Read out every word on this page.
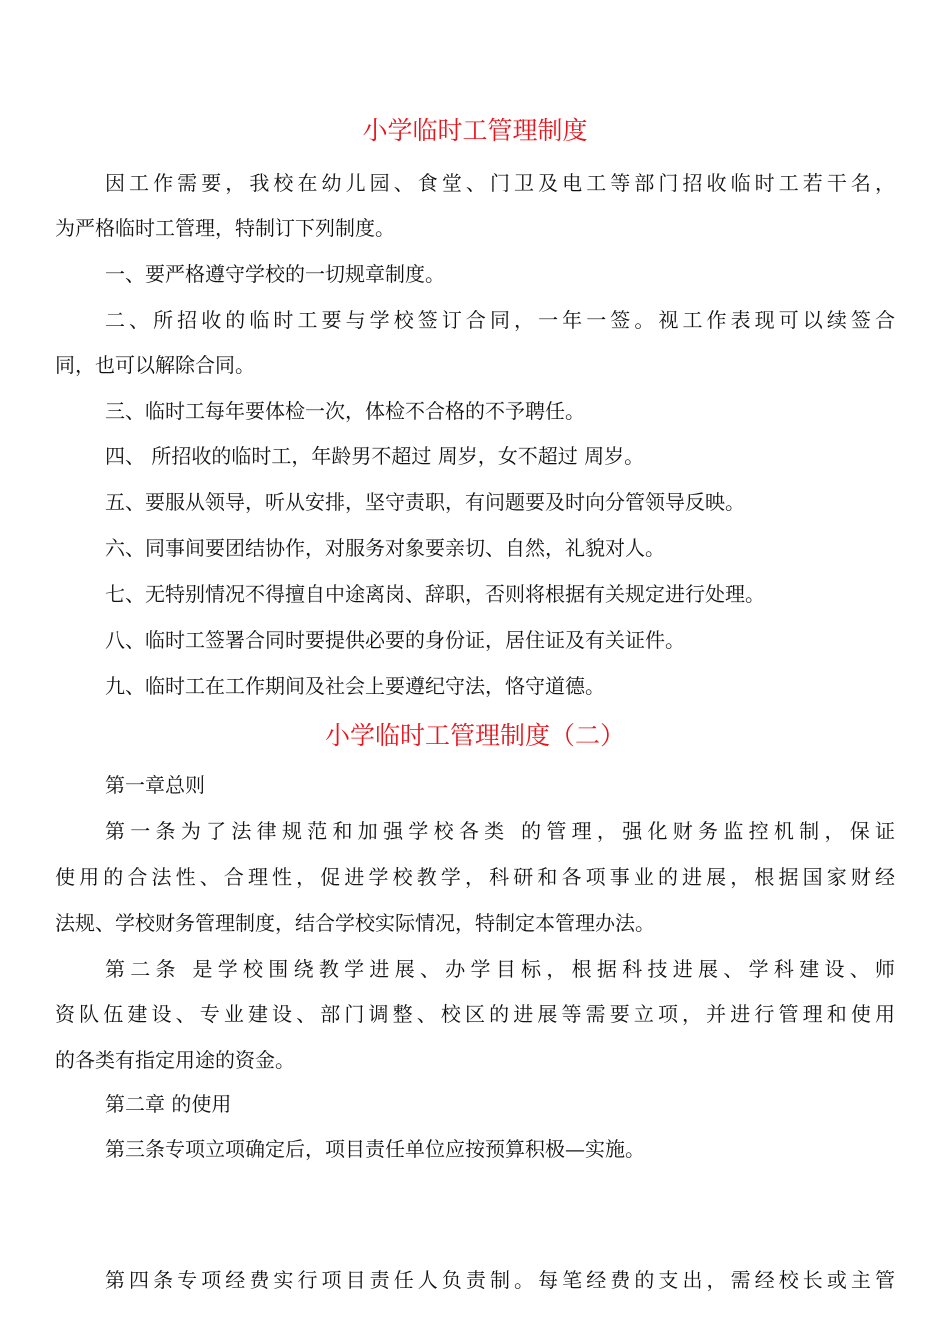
小学临时工管理制度
因工作需要，我校在幼儿园、食堂、门卫及电工等部门招收临时工若干名，
为严格临时工管理，特制订下列制度。
一、要严格遵守学校的一切规章制度。
二、所招收的临时工要与学校签订合同，一年一签。视工作表现可以续签合
同，也可以解除合同。
三、临时工每年要体检一次，体检不合格的不予聘任。
四、 所招收的临时工，年龄男不超过 周岁，女不超过 周岁。
五、要服从领导，听从安排，坚守责职，有问题要及时向分管领导反映。
六、同事间要团结协作，对服务对象要亲切、自然，礼貌对人。
七、无特别情况不得擅自中途离岗、辞职，否则将根据有关规定进行处理。
八、临时工签署合同时要提供必要的身份证，居住证及有关证件。
九、临时工在工作期间及社会上要遵纪守法，恪守道德。
小学临时工管理制度（二）
第一章总则
第一条为了法律规范和加强学校各类 的管理，强化财务监控机制，保证
使用的合法性、合理性，促进学校教学，科研和各项事业的进展，根据国家财经
法规、学校财务管理制度，结合学校实际情况，特制定本管理办法。
第二条 是学校围绕教学进展、办学目标，根据科技进展、学科建设、师
资队伍建设、专业建设、部门调整、校区的进展等需要立项，并进行管理和使用
的各类有指定用途的资金。
第二章 的使用
第三条专项立项确定后，项目责任单位应按预算积极—实施。
第四条专项经费实行项目责任人负责制。每笔经费的支出，需经校长或主管
